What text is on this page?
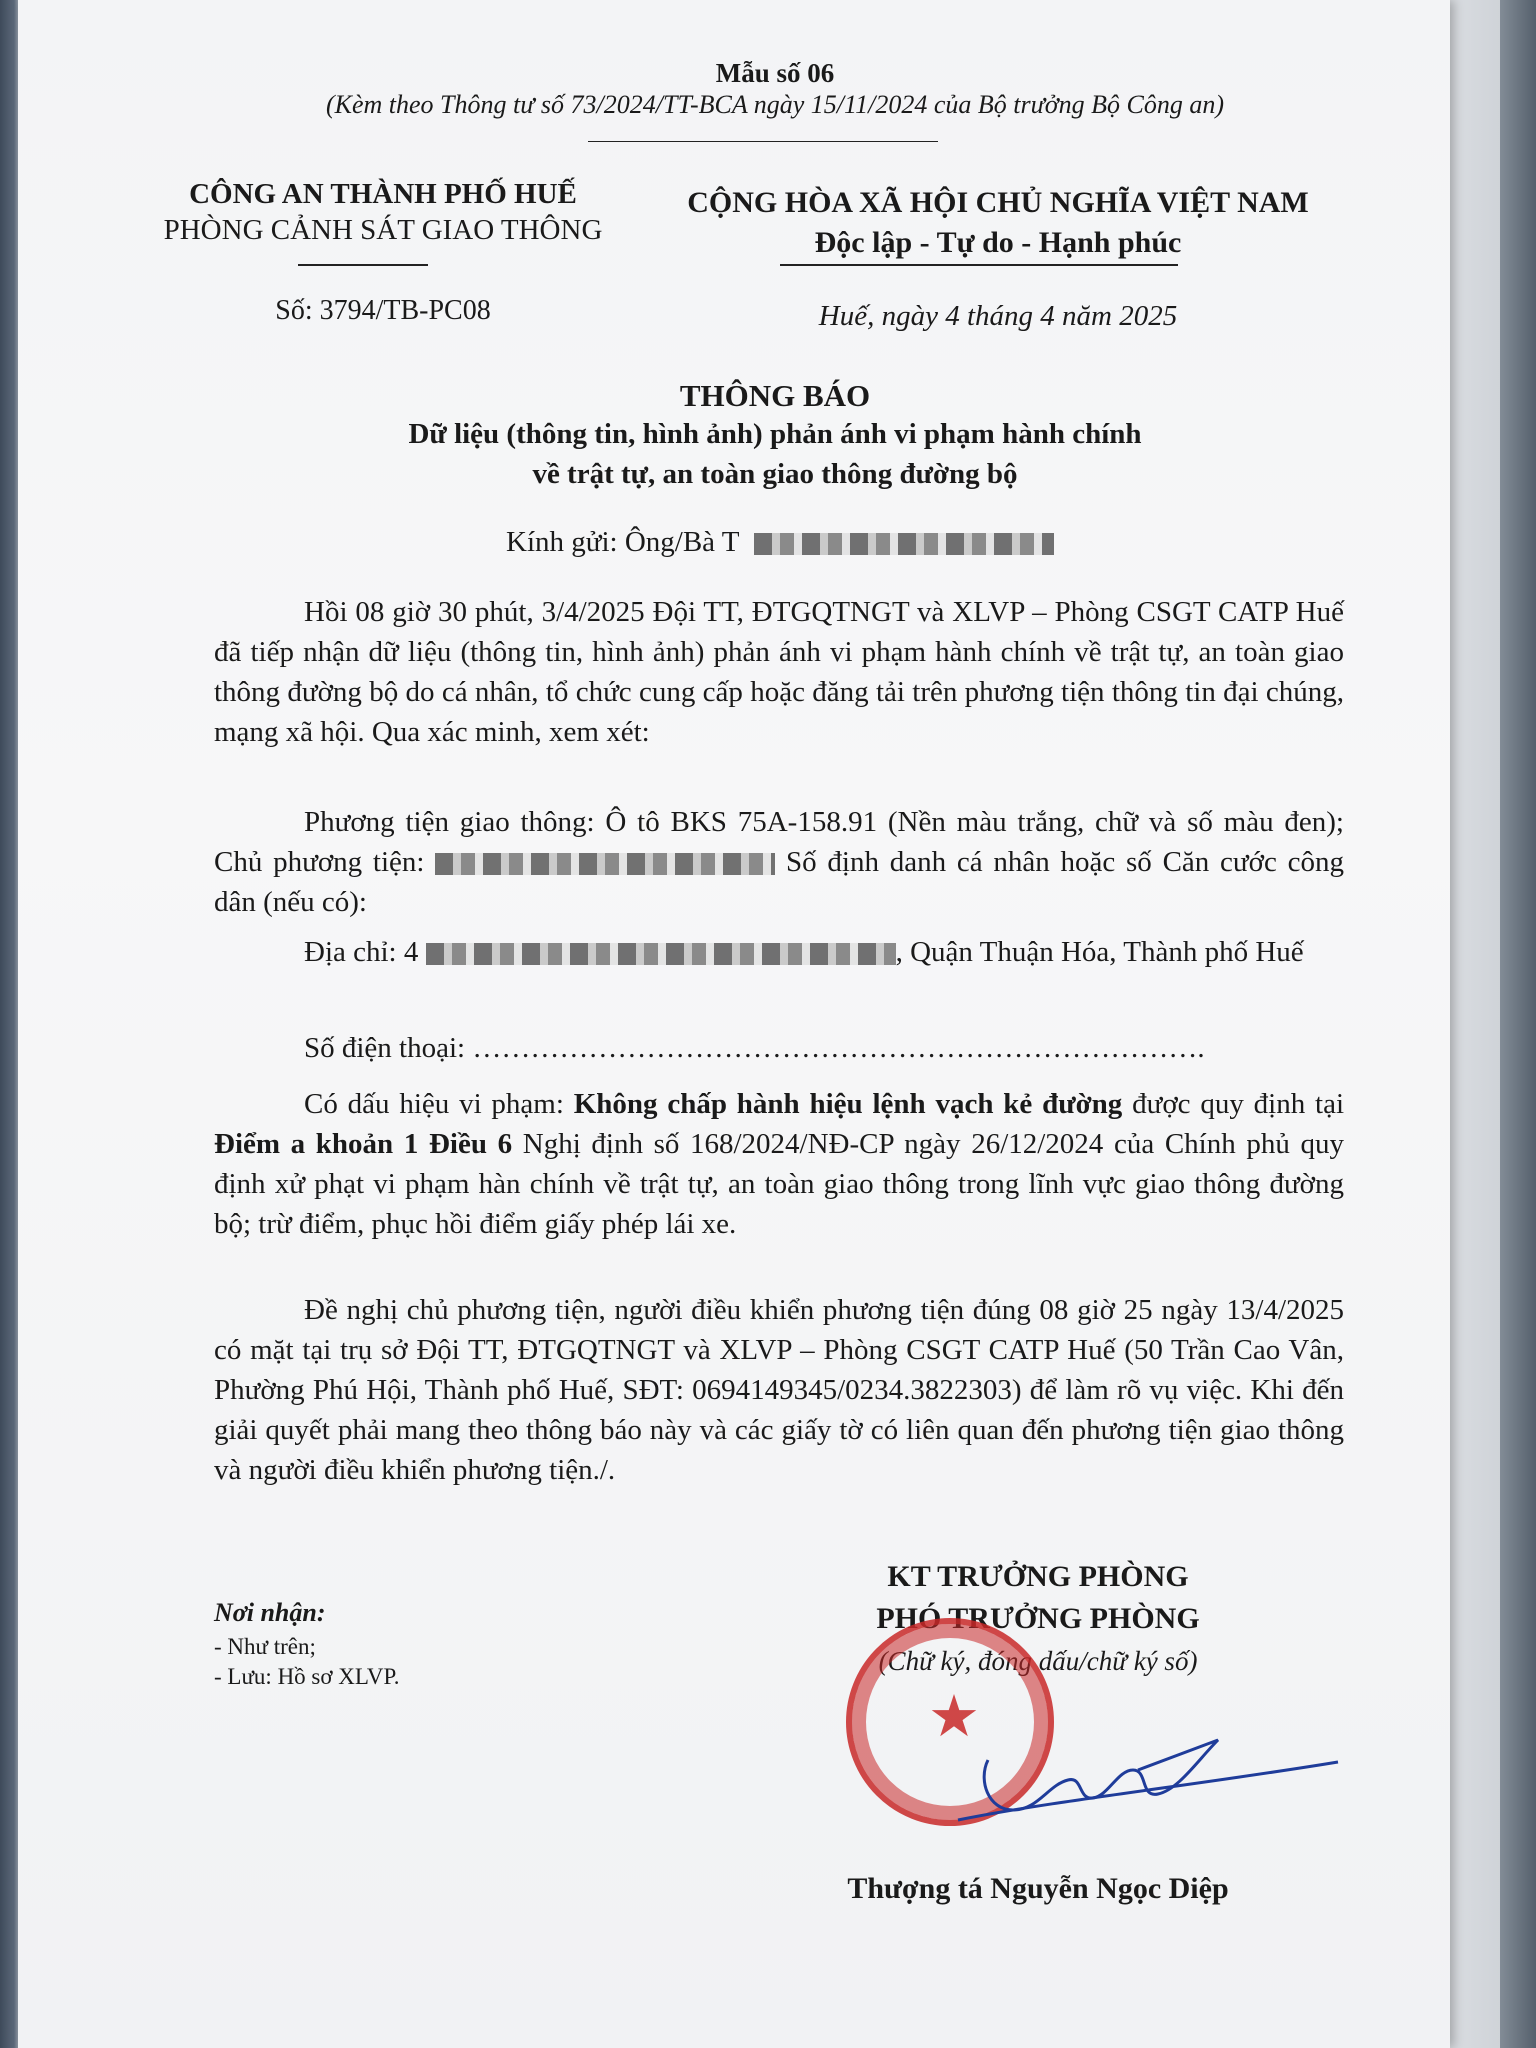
Mẫu số 06
(Kèm theo Thông tư số 73/2024/TT-BCA ngày 15/11/2024 của Bộ trưởng Bộ Công an)
CÔNG AN THÀNH PHỐ HUẾ
PHÒNG CẢNH SÁT GIAO THÔNG
Số: 3794/TB-PC08
CỘNG HÒA XÃ HỘI CHỦ NGHĨA VIỆT NAM
Độc lập - Tự do - Hạnh phúc
Huế, ngày 4 tháng 4 năm 2025
THÔNG BÁO
Dữ liệu (thông tin, hình ảnh) phản ánh vi phạm hành chính
về trật tự, an toàn giao thông đường bộ
Kính gửi: Ông/Bà T
Hồi 08 giờ 30 phút, 3/4/2025 Đội TT, ĐTGQTNGT và XLVP – Phòng CSGT CATP Huế đã tiếp nhận dữ liệu (thông tin, hình ảnh) phản ánh vi phạm hành chính về trật tự, an toàn giao thông đường bộ do cá nhân, tổ chức cung cấp hoặc đăng tải trên phương tiện thông tin đại chúng, mạng xã hội. Qua xác minh, xem xét:
Phương tiện giao thông: Ô tô BKS 75A-158.91 (Nền màu trắng, chữ và số màu đen); Chủ phương tiện:	Số định danh cá nhân hoặc số Căn cước công dân (nếu có):
Địa chỉ: 4	, Quận Thuận Hóa, Thành phố Huế
Số điện thoại: ………………………………………………………………….
Có dấu hiệu vi phạm: Không chấp hành hiệu lệnh vạch kẻ đường được quy định tại Điểm a khoản 1 Điều 6 Nghị định số 168/2024/NĐ-CP ngày 26/12/2024 của Chính phủ quy định xử phạt vi phạm hàn chính về trật tự, an toàn giao thông trong lĩnh vực giao thông đường bộ; trừ điểm, phục hồi điểm giấy phép lái xe.
Đề nghị chủ phương tiện, người điều khiển phương tiện đúng 08 giờ 25 ngày 13/4/2025 có mặt tại trụ sở Đội TT, ĐTGQTNGT và XLVP – Phòng CSGT CATP Huế (50 Trần Cao Vân, Phường Phú Hội, Thành phố Huế, SĐT: 0694149345/0234.3822303) để làm rõ vụ việc. Khi đến giải quyết phải mang theo thông báo này và các giấy tờ có liên quan đến phương tiện giao thông và người điều khiển phương tiện./.
Nơi nhận:
- Như trên;
- Lưu: Hồ sơ XLVP.
KT TRƯỞNG PHÒNG
PHÓ TRƯỞNG PHÒNG
(Chữ ký, đóng dấu/chữ ký số)
★
Thượng tá Nguyễn Ngọc Diệp
